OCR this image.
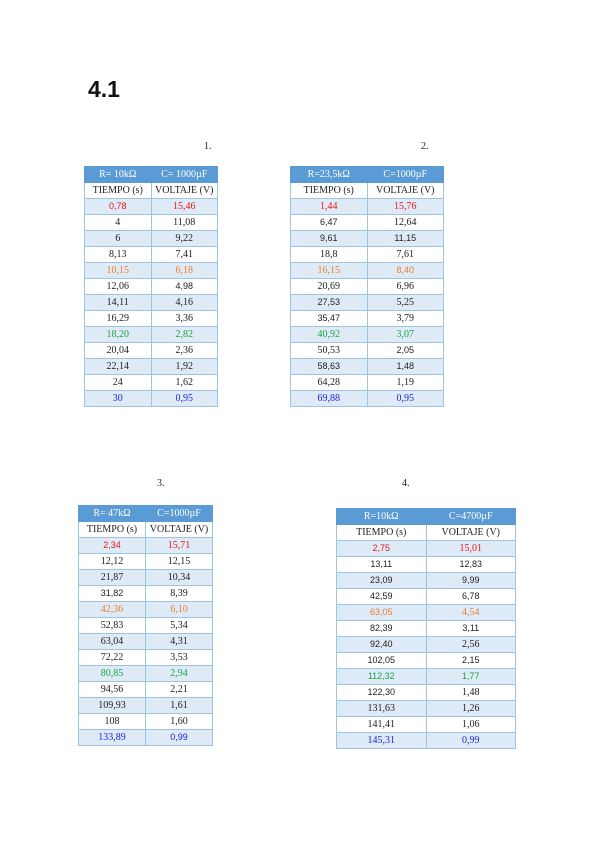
4.1
1.	2.
3.	4.
R= 10kΩ	C= 1000µF
TIEMPO (s)	VOLTAJE (V)
0,78	15,46
4	11,08
6	9,22
8,13	7,41
10,15	6,18
12,06	4,98
14,11	4,16
16,29	3,36
18,20	2,82
20,04	2,36
22,14	1,92
24	1,62
30	0,95
R=23,5kΩ	C=1000µF
TIEMPO (s)	VOLTAJE (V)
1,44	15,76
6,47	12,64
9,61	11,15
18,8	7,61
16,15	8,40
20,69	6,96
27,53	5,25
35,47	3,79
40,92	3,07
50,53	2,05
58,63	1,48
64,28	1,19
69,88	0,95
R= 47kΩ	C=1000µF
TIEMPO (s)	VOLTAJE (V)
2,34	15,71
12,12	12,15
21,87	10,34
31,82	8,39
42,36	6,10
52,83	5,34
63,04	4,31
72,22	3,53
80,85	2,94
94,56	2,21
109,93	1,61
108	1,60
133,89	0,99
R=10kΩ	C=4700µF
TIEMPO (s)	VOLTAJE (V)
2,75	15,01
13,11	12,83
23,09	9,99
42,59	6,78
63,05	4,54
82,39	3,11
92,40	2,56
102,05	2,15
112,32	1,77
122,30	1,48
131,63	1,26
141,41	1,06
145,31	0,99
